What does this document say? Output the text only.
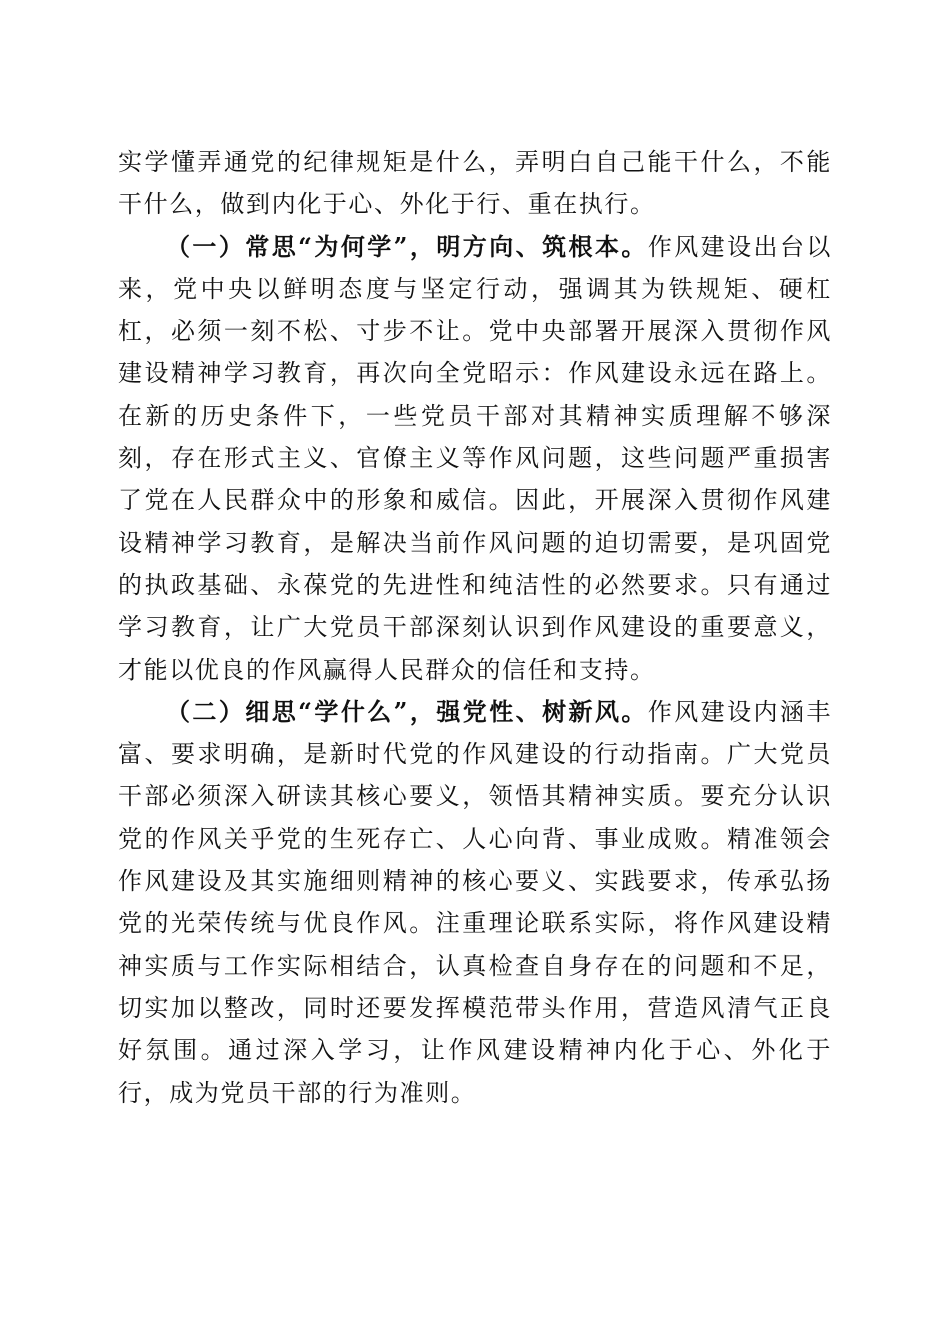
实学懂弄通党的纪律规矩是什么，弄明白自己能干什么，不能干什么，做到内化于心、外化于行、重在执行。

（一）常思“为何学”，明方向、筑根本。作风建设出台以来，党中央以鲜明态度与坚定行动，强调其为铁规矩、硬杠杠，必须一刻不松、寸步不让。党中央部署开展深入贯彻作风建设精神学习教育，再次向全党昭示：作风建设永远在路上。在新的历史条件下，一些党员干部对其精神实质理解不够深刻，存在形式主义、官僚主义等作风问题，这些问题严重损害了党在人民群众中的形象和威信。因此，开展深入贯彻作风建设精神学习教育，是解决当前作风问题的迫切需要，是巩固党的执政基础、永葆党的先进性和纯洁性的必然要求。只有通过学习教育，让广大党员干部深刻认识到作风建设的重要意义，才能以优良的作风赢得人民群众的信任和支持。

（二）细思“学什么”，强党性、树新风。作风建设内涵丰富、要求明确，是新时代党的作风建设的行动指南。广大党员干部必须深入研读其核心要义，领悟其精神实质。要充分认识党的作风关乎党的生死存亡、人心向背、事业成败。精准领会作风建设及其实施细则精神的核心要义、实践要求，传承弘扬党的光荣传统与优良作风。注重理论联系实际，将作风建设精神实质与工作实际相结合，认真检查自身存在的问题和不足，切实加以整改，同时还要发挥模范带头作用，营造风清气正良好氛围。通过深入学习，让作风建设精神内化于心、外化于行，成为党员干部的行为准则。
